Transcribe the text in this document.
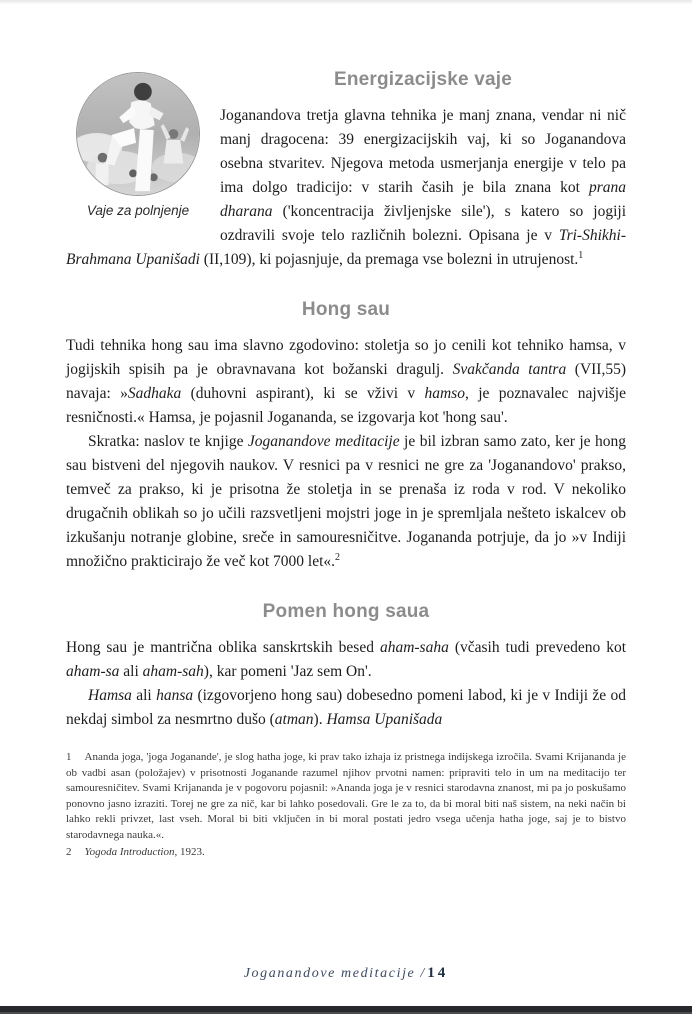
Vaje za polnjenje
Energizacijske vaje

Joganandova tretja glavna tehnika je manj znana, vendar ni nič manj dragocena: 39 energizacijskih vaj, ki so Joganandova osebna stvaritev. Njegova metoda usmerjanja energije v telo pa ima dolgo tradicijo: v starih časih je bila znana kot prana dharana ('koncentracija življenjske sile'), s katero so jogiji ozdravili svoje telo različnih bolezni. Opisana je v Tri-Shikhi-Brahmana Upanišadi (II,109), ki pojasnjuje, da premaga vse bolezni in utrujenost.$^1$

Hong sau

Tudi tehnika hong sau ima slavno zgodovino: stoletja so jo cenili kot tehniko hamsa, v jogijskih spisih pa je obravnavana kot božanski dragulj. Svakčanda tantra (VII,55) navaja: »Sadhaka (duhovni aspirant), ki se vživi v hamso, je poznavalec najvišje resničnosti.« Hamsa, je pojasnil Jogananda, se izgovarja kot 'hong sau'.

Skratka: naslov te knjige Joganandove meditacije je bil izbran samo zato, ker je hong sau bistveni del njegovih naukov. V resnici pa v resnici ne gre za 'Joganandovo' prakso, temveč za prakso, ki je prisotna že stoletja in se prenaša iz roda v rod. V nekoliko drugačnih oblikah so jo učili razsvetljeni mojstri joge in je spremljala nešteto iskalcev ob izkušanju notranje globine, sreče in samouresničitve. Jogananda potrjuje, da jo »v Indiji množično prakticirajo že več kot 7000 let«.$^2$

Pomen hong saua

Hong sau je mantrična oblika sanskrtskih besed aham-saha (včasih tudi prevedeno kot aham-sa ali aham-sah), kar pomeni 'Jaz sem On'.

Hamsa ali hansa (izgovorjeno hong sau) dobesedno pomeni labod, ki je v Indiji že od nekdaj simbol za nesmrtno dušo (atman). Hamsa Upanišada

1 Ananda joga, 'joga Joganande', je slog hatha joge, ki prav tako izhaja iz pristnega indijskega izročila. Svami Krijananda je ob vadbi asan (položajev) v prisotnosti Joganande razumel njihov prvotni namen: pripraviti telo in um na meditacijo ter samouresničitev. Svami Krijananda je v pogovoru pojasnil: »Ananda joga je v resnici starodavna znanost, mi pa jo poskušamo ponovno jasno izraziti. Torej ne gre za nič, kar bi lahko posedovali. Gre le za to, da bi moral biti naš sistem, na neki način bi lahko rekli privzet, last vseh. Moral bi biti vključen in bi moral postati jedro vsega učenja hatha joge, saj je to bistvo starodavnega nauka.«.
2 Yogoda Introduction, 1923.
Joganandove meditacije / 14
